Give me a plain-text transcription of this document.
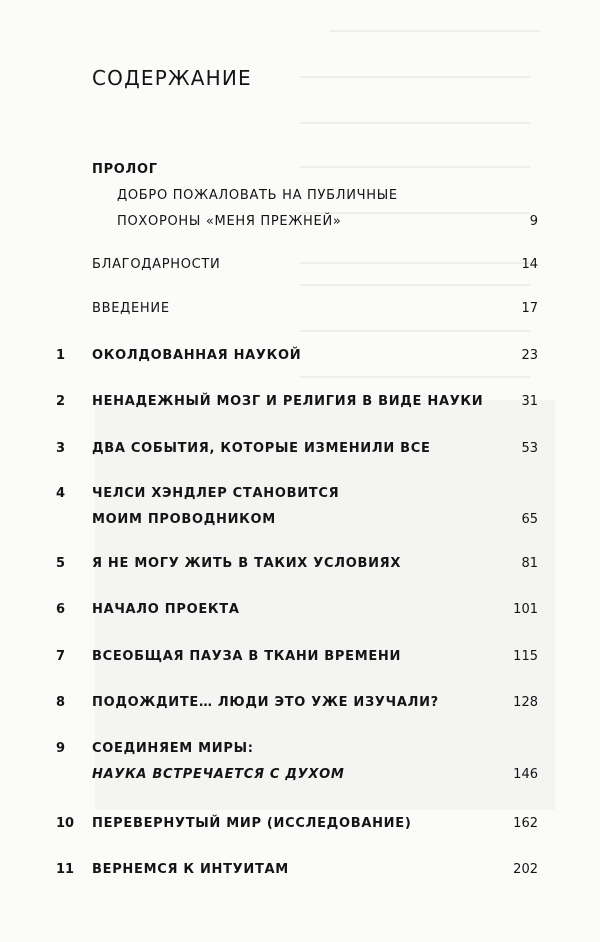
СОДЕРЖАНИЕ
ПРОЛОГ
ДОБРО ПОЖАЛОВАТЬ НА ПУБЛИЧНЫЕ
ПОХОРОНЫ «МЕНЯ ПРЕЖНЕЙ»	9
БЛАГОДАРНОСТИ	14
ВВЕДЕНИЕ	17
1 ОКОЛДОВАННАЯ НАУКОЙ	23
2 НЕНАДЕЖНЫЙ МОЗГ И РЕЛИГИЯ В ВИДЕ НАУКИ	31
3 ДВА СОБЫТИЯ, КОТОРЫЕ ИЗМЕНИЛИ ВСЕ	53
4 ЧЕЛСИ ХЭНДЛЕР СТАНОВИТСЯ
МОИМ ПРОВОДНИКОМ	65
5 Я НЕ МОГУ ЖИТЬ В ТАКИХ УСЛОВИЯХ	81
6 НАЧАЛО ПРОЕКТА	101
7 ВСЕОБЩАЯ ПАУЗА В ТКАНИ ВРЕМЕНИ	115
8 ПОДОЖДИТЕ… ЛЮДИ ЭТО УЖЕ ИЗУЧАЛИ?	128
9 СОЕДИНЯЕМ МИРЫ:
НАУКА ВСТРЕЧАЕТСЯ С ДУХОМ	146
10 ПЕРЕВЕРНУТЫЙ МИР (ИССЛЕДОВАНИЕ)	162
11 ВЕРНЕМСЯ К ИНТУИТАМ	202
